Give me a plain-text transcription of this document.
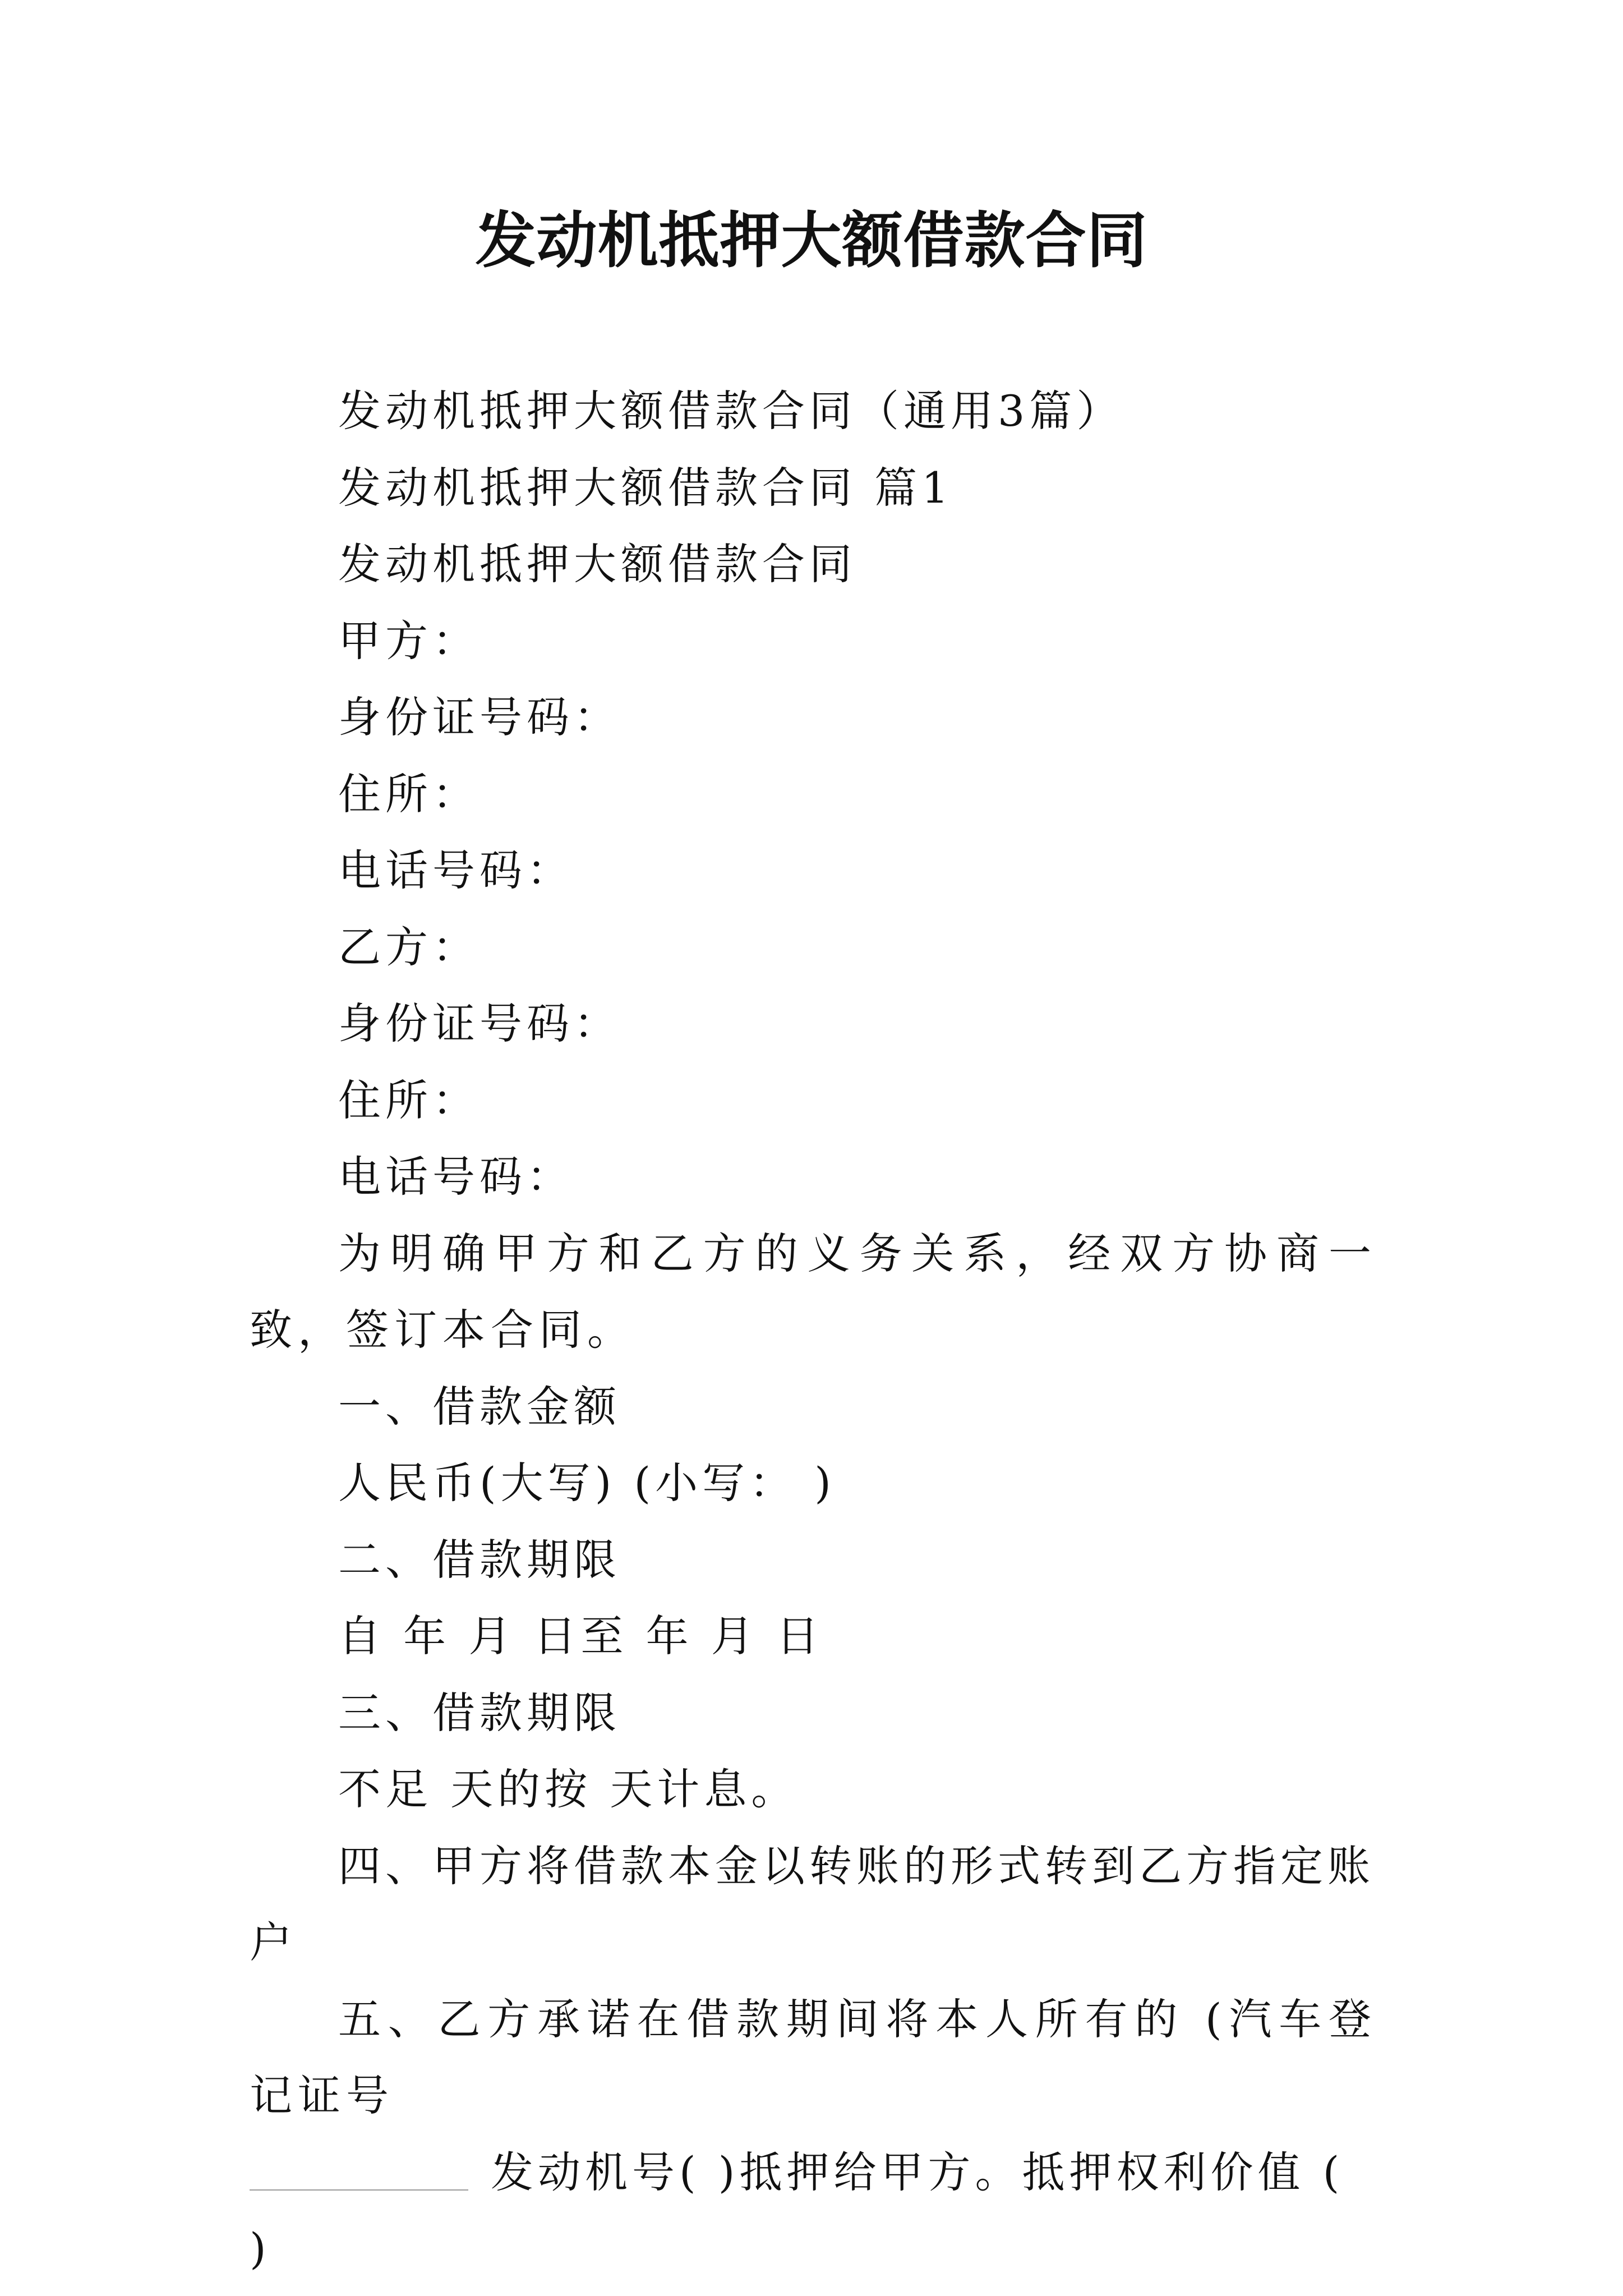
发动机抵押大额借款合同

发动机抵押大额借款合同（通用3篇）

发动机抵押大额借款合同 篇1

发动机抵押大额借款合同

甲方：

身份证号码：

住所：

电话号码：

乙方：

身份证号码：

住所：

电话号码：

为明确甲方和乙方的义务关系，经双方协商一致，签订本合同。

一、借款金额

人民币(大写) (小写： )

二、借款期限

自 年 月 日至 年 月 日

三、借款期限

不足 天的按 天计息。

四、甲方将借款本金以转账的形式转到乙方指定账户

五、乙方承诺在借款期间将本人所有的 (汽车登记证号

发动机号( )抵押给甲方。抵押权利价值 ( )
